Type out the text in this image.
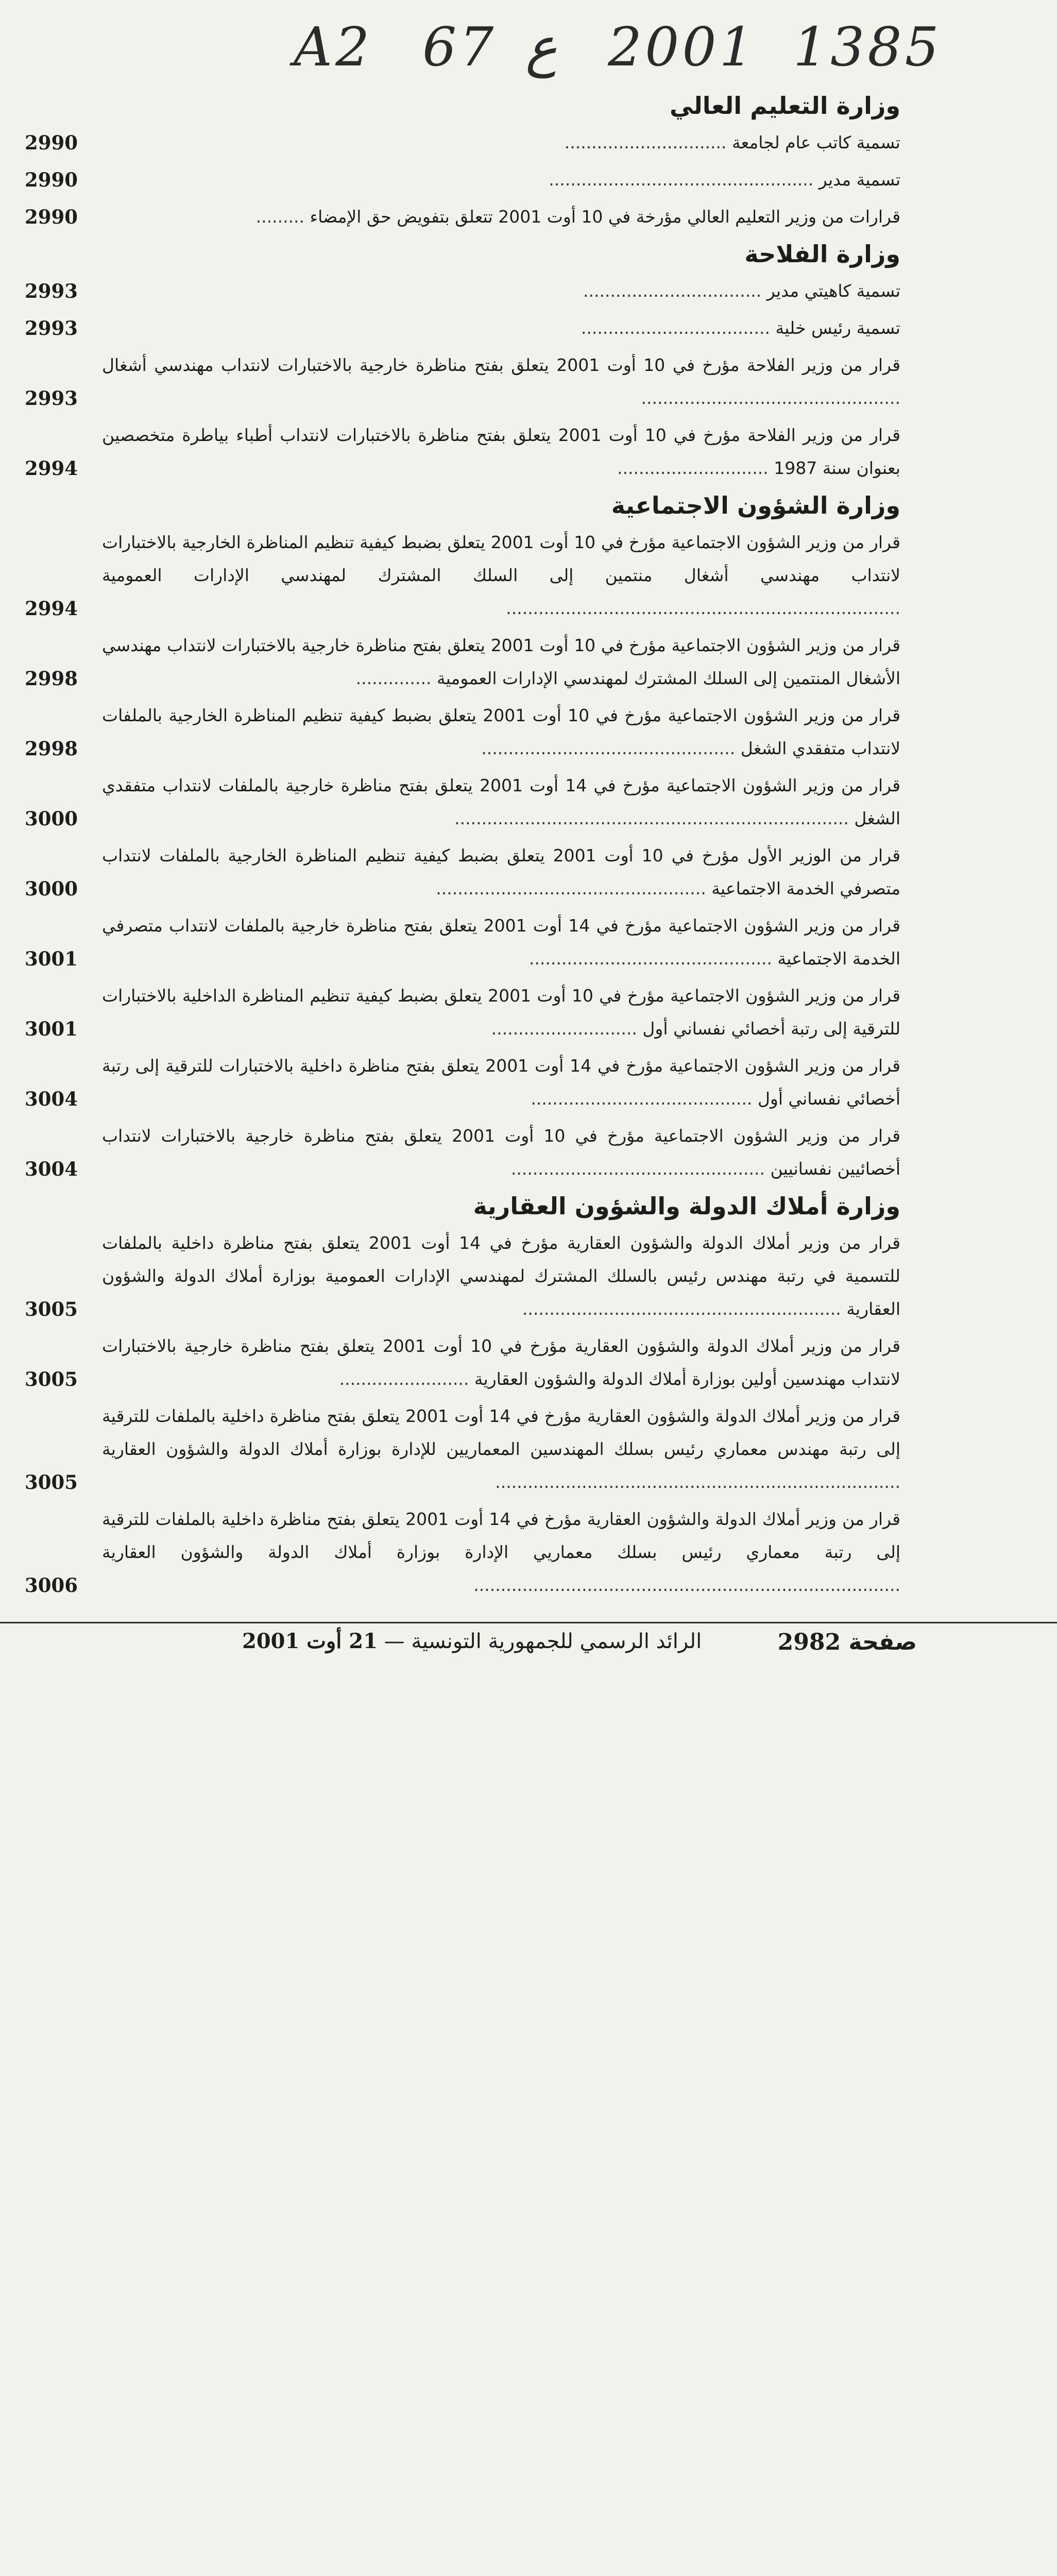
A2 67 ع 2001 1385
وزارة التعليم العالي
تسمية كاتب عام لجامعة ..............................
2990
تسمية مدير .................................................
2990
قرارات من وزير التعليم العالي مؤرخة في 10 أوت 2001 تتعلق بتفويض حق الإمضاء .........
2990
وزارة الفلاحة
تسمية كاهيتي مدير .................................
2993
تسمية رئيس خلية ...................................
2993
قرار من وزير الفلاحة مؤرخ في 10 أوت 2001 يتعلق بفتح مناظرة خارجية بالاختبارات لانتداب مهندسي أشغال ................................................
2993
قرار من وزير الفلاحة مؤرخ في 10 أوت 2001 يتعلق بفتح مناظرة بالاختبارات لانتداب أطباء بياطرة متخصصين بعنوان سنة 1987 ............................
2994
وزارة الشؤون الاجتماعية
قرار من وزير الشؤون الاجتماعية مؤرخ في 10 أوت 2001 يتعلق بضبط كيفية تنظيم المناظرة الخارجية بالاختبارات لانتداب مهندسي أشغال منتمين إلى السلك المشترك لمهندسي الإدارات العمومية .........................................................................
2994
قرار من وزير الشؤون الاجتماعية مؤرخ في 10 أوت 2001 يتعلق بفتح مناظرة خارجية بالاختبارات لانتداب مهندسي الأشغال المنتمين إلى السلك المشترك لمهندسي الإدارات العمومية ..............
2998
قرار من وزير الشؤون الاجتماعية مؤرخ في 10 أوت 2001 يتعلق بضبط كيفية تنظيم المناظرة الخارجية بالملفات لانتداب متفقدي الشغل ...............................................
2998
قرار من وزير الشؤون الاجتماعية مؤرخ في 14 أوت 2001 يتعلق بفتح مناظرة خارجية بالملفات لانتداب متفقدي الشغل .........................................................................
3000
قرار من الوزير الأول مؤرخ في 10 أوت 2001 يتعلق بضبط كيفية تنظيم المناظرة الخارجية بالملفات لانتداب متصرفي الخدمة الاجتماعية ..................................................
3000
قرار من وزير الشؤون الاجتماعية مؤرخ في 14 أوت 2001 يتعلق بفتح مناظرة خارجية بالملفات لانتداب متصرفي الخدمة الاجتماعية .............................................
3001
قرار من وزير الشؤون الاجتماعية مؤرخ في 10 أوت 2001 يتعلق بضبط كيفية تنظيم المناظرة الداخلية بالاختبارات للترقية إلى رتبة أخصائي نفساني أول ...........................
3001
قرار من وزير الشؤون الاجتماعية مؤرخ في 14 أوت 2001 يتعلق بفتح مناظرة داخلية بالاختبارات للترقية إلى رتبة أخصائي نفساني أول .........................................
3004
قرار من وزير الشؤون الاجتماعية مؤرخ في 10 أوت 2001 يتعلق بفتح مناظرة خارجية بالاختبارات لانتداب أخصائيين نفسانيين ...............................................
3004
وزارة أملاك الدولة والشؤون العقارية
قرار من وزير أملاك الدولة والشؤون العقارية مؤرخ في 14 أوت 2001 يتعلق بفتح مناظرة داخلية بالملفات للتسمية في رتبة مهندس رئيس بالسلك المشترك لمهندسي الإدارات العمومية بوزارة أملاك الدولة والشؤون العقارية ...........................................................
3005
قرار من وزير أملاك الدولة والشؤون العقارية مؤرخ في 10 أوت 2001 يتعلق بفتح مناظرة خارجية بالاختبارات لانتداب مهندسين أولين بوزارة أملاك الدولة والشؤون العقارية ........................
3005
قرار من وزير أملاك الدولة والشؤون العقارية مؤرخ في 14 أوت 2001 يتعلق بفتح مناظرة داخلية بالملفات للترقية إلى رتبة مهندس معماري رئيس بسلك المهندسين المعماريين للإدارة بوزارة أملاك الدولة والشؤون العقارية ...........................................................................
3005
قرار من وزير أملاك الدولة والشؤون العقارية مؤرخ في 14 أوت 2001 يتعلق بفتح مناظرة داخلية بالملفات للترقية إلى رتبة معماري رئيس بسلك معماريي الإدارة بوزارة أملاك الدولة والشؤون العقارية ...............................................................................
3006
صفحة 2982
الرائد الرسمي للجمهورية التونسية — 21 أوت 2001
